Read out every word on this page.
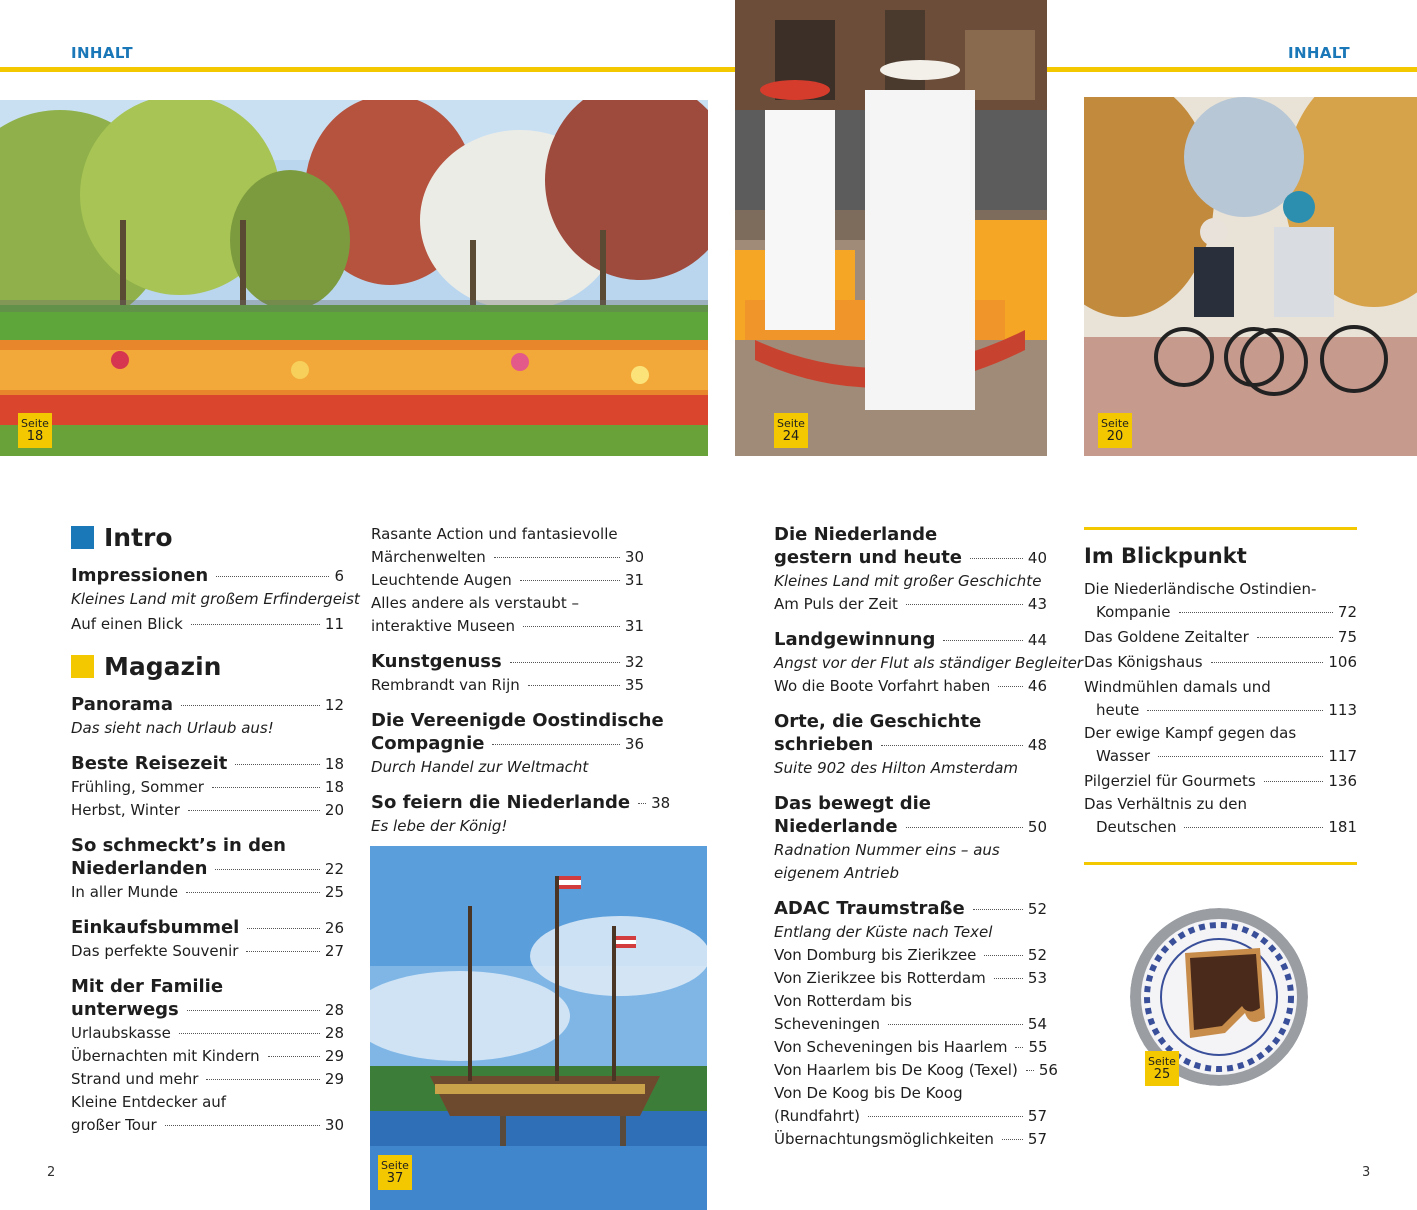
INHALT	INHALT
Seite
18
Seite
24
Seite
20
Seite
37
Seite
25
Intro
Impressionen	6
Kleines Land mit großem Erfindergeist
Auf einen Blick	11
Magazin
Panorama	12
Das sieht nach Urlaub aus!
Beste Reisezeit	18
Frühling, Sommer	18
Herbst, Winter	20
So schmeckt’s in den
Niederlanden	22
In aller Munde	25
Einkaufsbummel	26
Das perfekte Souvenir	27
Mit der Familie
unterwegs	28
Urlaubskasse	28
Übernachten mit Kindern	29
Strand und mehr	29
Kleine Entdecker auf
großer Tour	30
Rasante Action und fantasievolle
Märchenwelten	30
Leuchtende Augen	31
Alles andere als verstaubt –
interaktive Museen	31
Kunstgenuss	32
Rembrandt van Rijn	35
Die Vereenigde Oostindische
Compagnie	36
Durch Handel zur Weltmacht
So feiern die Niederlande 38
Es lebe der König!
Die Niederlande
gestern und heute	40
Kleines Land mit großer Geschichte
Am Puls der Zeit	43
Landgewinnung	44
Angst vor der Flut als ständiger Begleiter
Wo die Boote Vorfahrt haben	46
Orte, die Geschichte
schrieben	48
Suite 902 des Hilton Amsterdam
Das bewegt die
Niederlande	50
Radnation Nummer eins – aus
eigenem Antrieb
ADAC Traumstraße	52
Entlang der Küste nach Texel
Von Domburg bis Zierikzee	52
Von Zierikzee bis Rotterdam	53
Von Rotterdam bis
Scheveningen	54
Von Scheveningen bis Haarlem 55
Von Haarlem bis De Koog (Texel) 56
Von De Koog bis De Koog
(Rundfahrt)	57
Übernachtungsmöglichkeiten 57
Im Blickpunkt
Die Niederländische Ostindien-
Kompanie	72
Das Goldene Zeitalter	75
Das Königshaus	106
Windmühlen damals und
heute	113
Der ewige Kampf gegen das
Wasser	117
Pilgerziel für Gourmets	136
Das Verhältnis zu den
Deutschen	181
2	3
